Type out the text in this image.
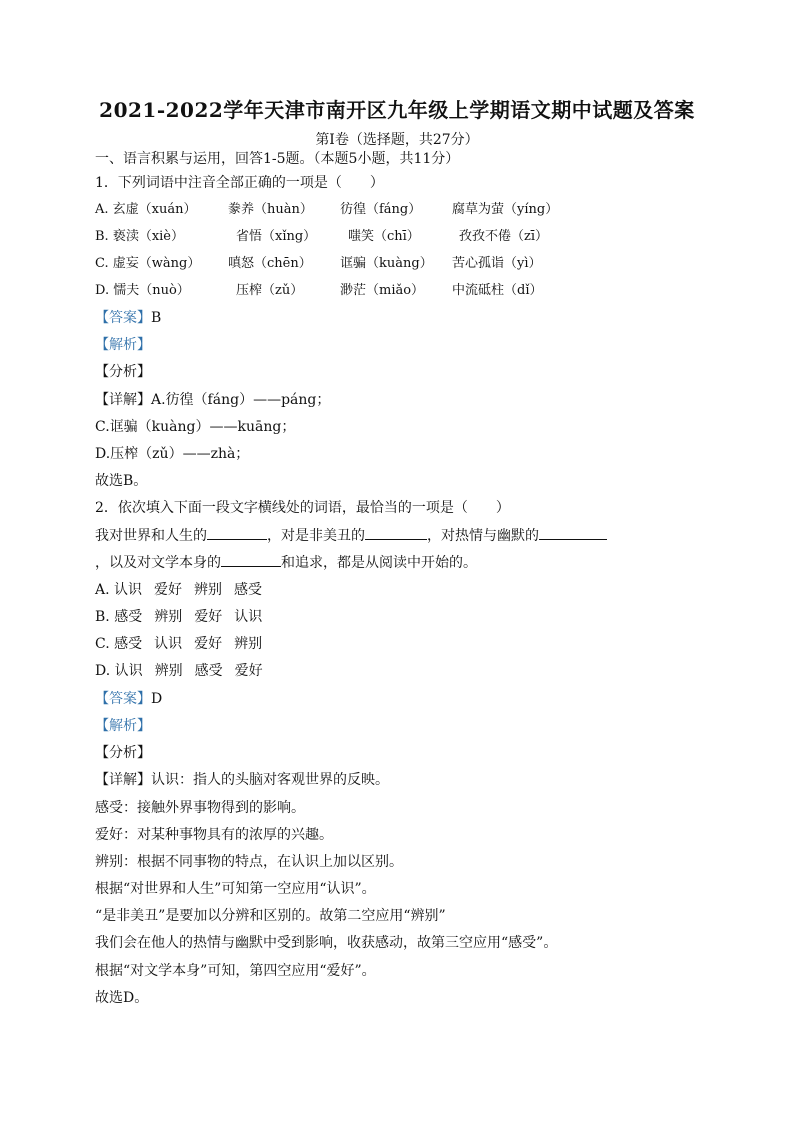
2021-2022学年天津市南开区九年级上学期语文期中试题及答案
第Ⅰ卷（选择题，共27分）
一、语言积累与运用，回答1-5题。（本题5小题，共11分）
1．下列词语中注音全部正确的一项是（　　）
A. 玄虚（xuán） 豢养（huàn） 彷徨（fáng） 腐草为萤（yíng）
B. 亵渎（xiè）	省悟（xǐng） 嗤笑（chī）	孜孜不倦（zī）
C. 虚妄（wàng） 嗔怒（chēn） 诓骗（kuàng） 苦心孤诣（yì）
D. 懦夫（nuò）	压榨（zǔ）	渺茫（miǎo） 中流砥柱（dǐ）
【答案】B
【解析】
【分析】
【详解】A.彷徨（fáng）——páng；
C.诓骗（kuàng）——kuāng；
D.压榨（zǔ）——zhà；
故选B。
2．依次填入下面一段文字横线处的词语，最恰当的一项是（　　）
我对世界和人生的	，对是非美丑的	，对热情与幽默的
，以及对文学本身的	和追求，都是从阅读中开始的。
A. 认识 爱好 辨别 感受
B. 感受 辨别 爱好 认识
C. 感受 认识 爱好 辨别
D. 认识 辨别 感受 爱好
【答案】D
【解析】
【分析】
【详解】认识：指人的头脑对客观世界的反映。
感受：接触外界事物得到的影响。
爱好：对某种事物具有的浓厚的兴趣。
辨别：根据不同事物的特点，在认识上加以区别。
根据“对世界和人生”可知第一空应用“认识”。
“是非美丑”是要加以分辨和区别的。故第二空应用“辨别”
我们会在他人的热情与幽默中受到影响，收获感动，故第三空应用“感受”。
根据“对文学本身”可知，第四空应用“爱好”。
故选D。
